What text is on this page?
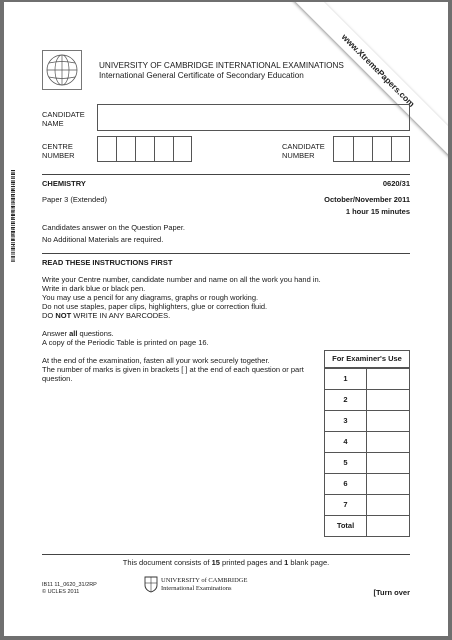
www.XtremePapers.com
UNIVERSITY OF CAMBRIDGE INTERNATIONAL EXAMINATIONS
International General Certificate of Secondary Education
CANDIDATE
NAME
CENTRE
NUMBER
CANDIDATE
NUMBER
* 0 2 7 9 9 6 1 7 3 8 *	CHEMISTRY	0620/31
Paper 3 (Extended)	October/November 2011
1 hour 15 minutes
Candidates answer on the Question Paper.
No Additional Materials are required.
READ THESE INSTRUCTIONS FIRST
Write your Centre number, candidate number and name on all the work you hand in.
Write in dark blue or black pen.
You may use a pencil for any diagrams, graphs or rough working.
Do not use staples, paper clips, highlighters, glue or correction fluid.
DO NOT WRITE IN ANY BARCODES.
Answer all questions.
A copy of the Periodic Table is printed on page 16.
At the end of the examination, fasten all your work securely together.
The number of marks is given in brackets [ ] at the end of each question or part
question.
For Examiner's Use
1
2
3
4
5
6
7
Total
This document consists of 15 printed pages and 1 blank page.
IB11 11_0620_31/2RP
© UCLES 2011
UNIVERSITY of CAMBRIDGE
International Examinations	[Turn over
